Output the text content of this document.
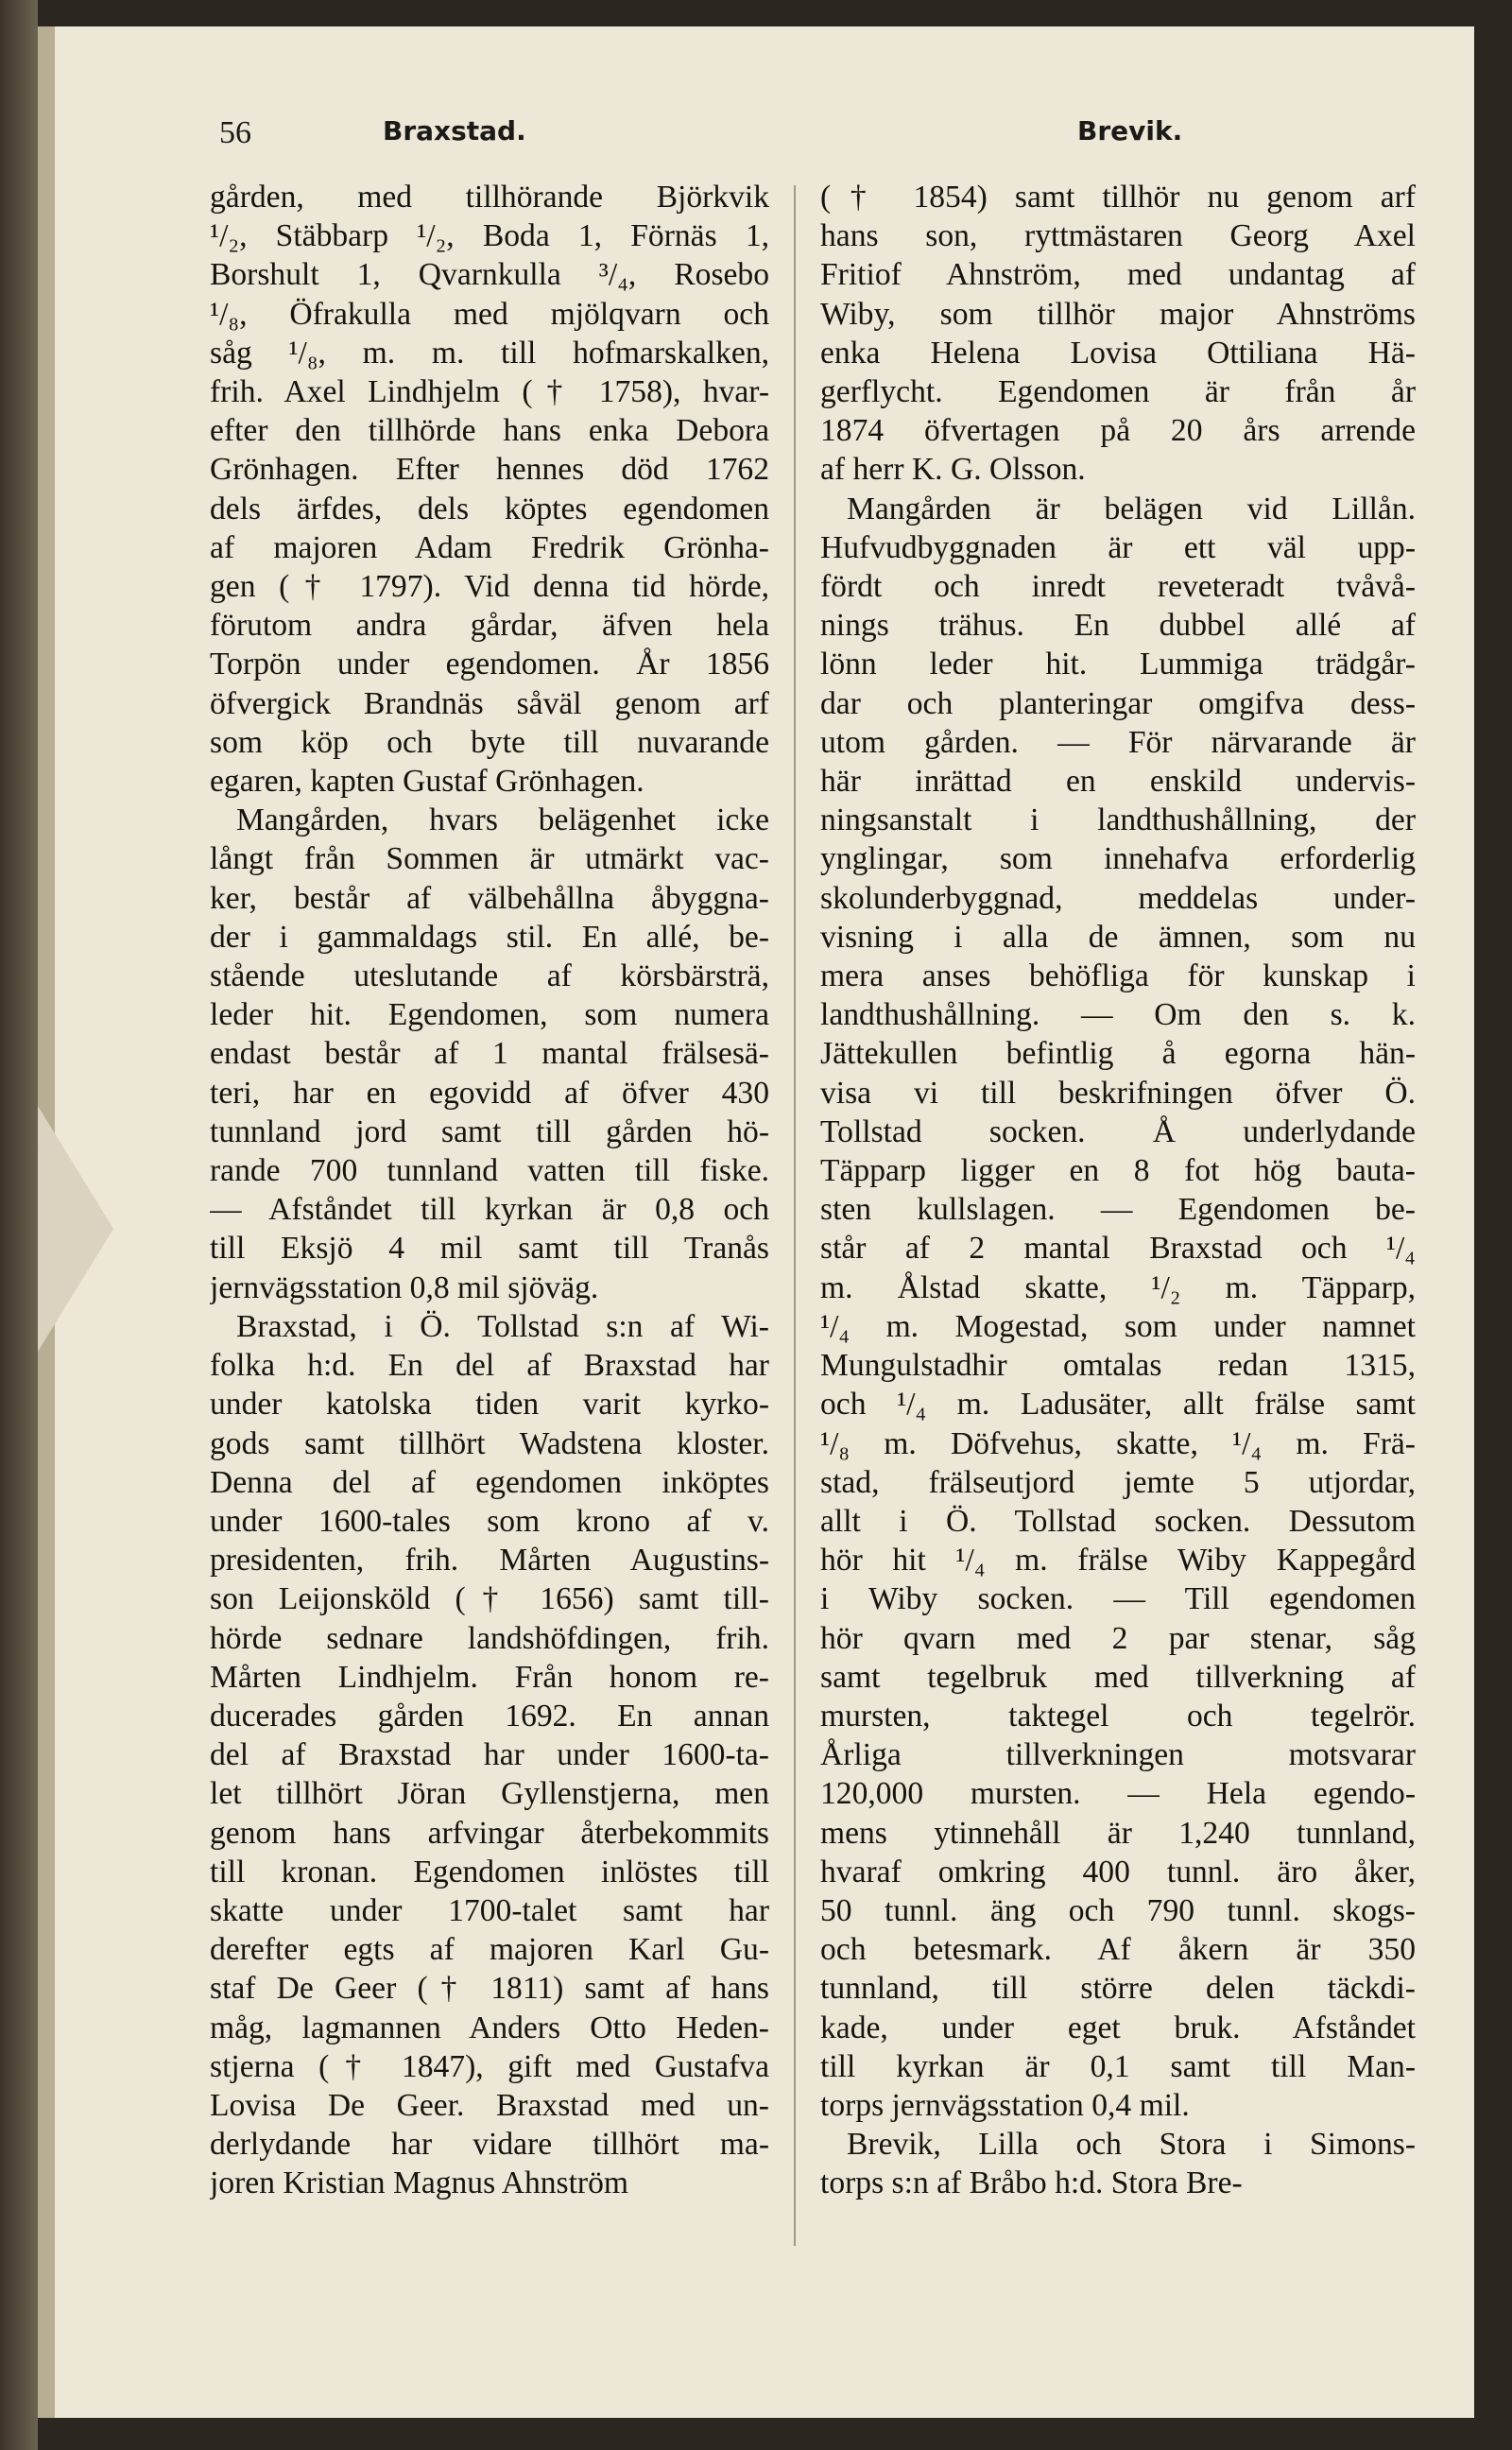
56	Braxstad.	Brevik.
gården, med tillhörande Björkvik
¹/₂, Stäbbarp ¹/₂, Boda 1, Förnäs 1,
Borshult 1, Qvarnkulla ³/₄, Rosebo
¹/₈, Öfrakulla med mjölqvarn och
såg ¹/₈, m. m. till hofmarskalken,
frih. Axel Lindhjelm († 1758), hvar-
efter den tillhörde hans enka Debora
Grönhagen. Efter hennes död 1762
dels ärfdes, dels köptes egendomen
af majoren Adam Fredrik Grönha-
gen († 1797). Vid denna tid hörde,
förutom andra gårdar, äfven hela
Torpön under egendomen. År 1856
öfvergick Brandnäs såväl genom arf
som köp och byte till nuvarande
egaren, kapten Gustaf Grönhagen.
Mangården, hvars belägenhet icke
långt från Sommen är utmärkt vac-
ker, består af välbehållna åbyggna-
der i gammaldags stil. En allé, be-
stående uteslutande af körsbärsträ,
leder hit. Egendomen, som numera
endast består af 1 mantal frälsesä-
teri, har en egovidd af öfver 430
tunnland jord samt till gården hö-
rande 700 tunnland vatten till fiske.
— Afståndet till kyrkan är 0,8 och
till Eksjö 4 mil samt till Tranås
jernvägsstation 0,8 mil sjöväg.
Braxstad, i Ö. Tollstad s:n af Wi-
folka h:d. En del af Braxstad har
under katolska tiden varit kyrko-
gods samt tillhört Wadstena kloster.
Denna del af egendomen inköptes
under 1600-tales som krono af v.
presidenten, frih. Mårten Augustins-
son Leijonsköld († 1656) samt till-
hörde sednare landshöfdingen, frih.
Mårten Lindhjelm. Från honom re-
ducerades gården 1692. En annan
del af Braxstad har under 1600-ta-
let tillhört Jöran Gyllenstjerna, men
genom hans arfvingar återbekommits
till kronan. Egendomen inlöstes till
skatte under 1700-talet samt har
derefter egts af majoren Karl Gu-
staf De Geer († 1811) samt af hans
måg, lagmannen Anders Otto Heden-
stjerna († 1847), gift med Gustafva
Lovisa De Geer. Braxstad med un-
derlydande har vidare tillhört ma-
joren Kristian Magnus Ahnström
(† 1854) samt tillhör nu genom arf
hans son, ryttmästaren Georg Axel
Fritiof Ahnström, med undantag af
Wiby, som tillhör major Ahnströms
enka Helena Lovisa Ottiliana Hä-
gerflycht. Egendomen är från år
1874 öfvertagen på 20 års arrende
af herr K. G. Olsson.
Mangården är belägen vid Lillån.
Hufvudbyggnaden är ett väl upp-
fördt och inredt reveteradt tvåvå-
nings trähus. En dubbel allé af
lönn leder hit. Lummiga trädgår-
dar och planteringar omgifva dess-
utom gården. — För närvarande är
här inrättad en enskild undervis-
ningsanstalt i landthushållning, der
ynglingar, som innehafva erforderlig
skolunderbyggnad, meddelas under-
visning i alla de ämnen, som nu
mera anses behöfliga för kunskap i
landthushållning. — Om den s. k.
Jättekullen befintlig å egorna hän-
visa vi till beskrifningen öfver Ö.
Tollstad socken. Å underlydande
Täpparp ligger en 8 fot hög bauta-
sten kullslagen. — Egendomen be-
står af 2 mantal Braxstad och ¹/₄
m. Ålstad skatte, ¹/₂ m. Täpparp,
¹/₄ m. Mogestad, som under namnet
Mungulstadhir omtalas redan 1315,
och ¹/₄ m. Ladusäter, allt frälse samt
¹/₈ m. Döfvehus, skatte, ¹/₄ m. Frä-
stad, frälseutjord jemte 5 utjordar,
allt i Ö. Tollstad socken. Dessutom
hör hit ¹/₄ m. frälse Wiby Kappegård
i Wiby socken. — Till egendomen
hör qvarn med 2 par stenar, såg
samt tegelbruk med tillverkning af
mursten, taktegel och tegelrör.
Årliga tillverkningen motsvarar
120,000 mursten. — Hela egendo-
mens ytinnehåll är 1,240 tunnland,
hvaraf omkring 400 tunnl. äro åker,
50 tunnl. äng och 790 tunnl. skogs-
och betesmark. Af åkern är 350
tunnland, till större delen täckdi-
kade, under eget bruk. Afståndet
till kyrkan är 0,1 samt till Man-
torps jernvägsstation 0,4 mil.
Brevik, Lilla och Stora i Simons-
torps s:n af Bråbo h:d. Stora Bre-
